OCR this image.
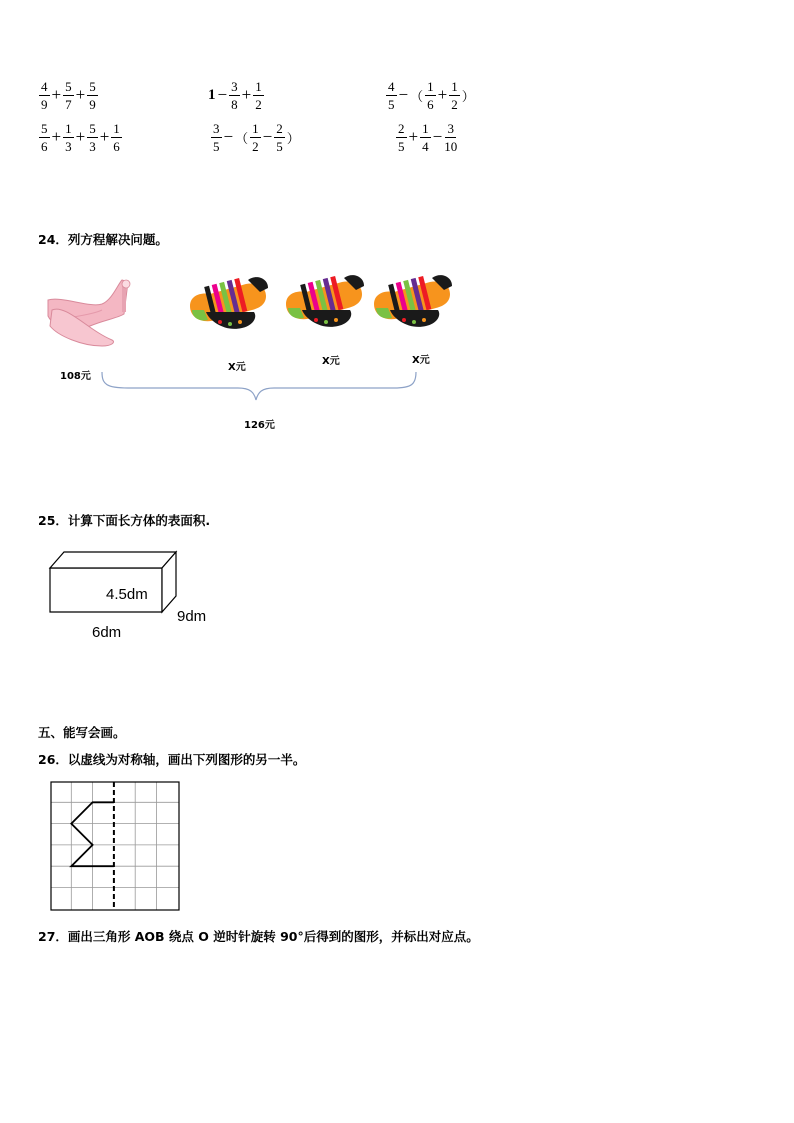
$\frac{4}{9} + \frac{5}{7} + \frac{5}{9}$	$1 - \frac{3}{8} + \frac{1}{2}$	$\frac{4}{5}$ − （ $\frac{1}{6} + \frac{1}{2}$ ）
$\frac{5}{6} + \frac{1}{3} + \frac{5}{3} + \frac{1}{6}$	$\frac{3}{5}$ − （ $\frac{1}{2} - \frac{2}{5}$ ）	$\frac{2}{5} + \frac{1}{4} - \frac{3}{10}$
24．列方程解决问题。
108元
X元
X元	X元
126元
25．计算下面长方体的表面积.
4.5dm
9dm
6dm
五、能写会画。
26．以虚线为对称轴，画出下列图形的另一半。
27．画出三角形 AOB 绕点 O 逆时针旋转 90°后得到的图形，并标出对应点。
